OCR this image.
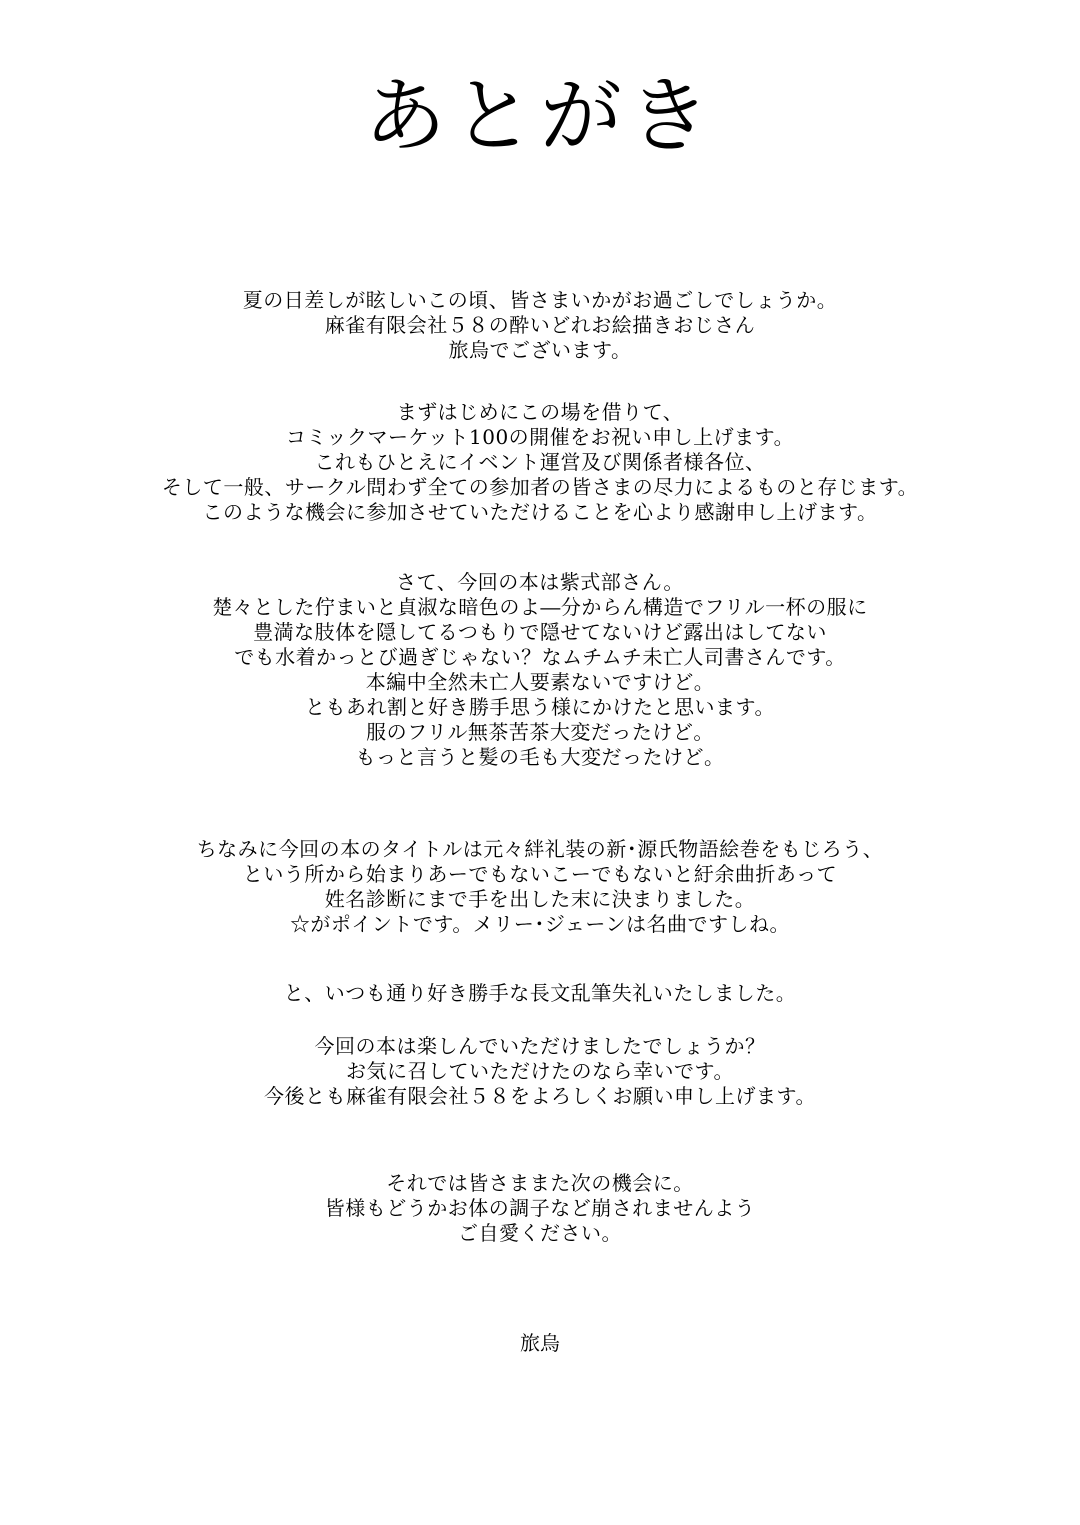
あとがき
夏の日差しが眩しいこの頃、皆さまいかがお過ごしでしょうか。
麻雀有限会社５８の酔いどれお絵描きおじさん
旅烏でございます。
まずはじめにこの場を借りて、
コミックマーケット100の開催をお祝い申し上げます。
これもひとえにイベント運営及び関係者様各位、
そして一般、サークル問わず全ての参加者の皆さまの尽力によるものと存じます。
このような機会に参加させていただけることを心より感謝申し上げます。
さて、今回の本は紫式部さん。
楚々とした佇まいと貞淑な暗色のよ―分からん構造でフリル一杯の服に
豊満な肢体を隠してるつもりで隠せてないけど露出はしてない
でも水着かっとび過ぎじゃない？なムチムチ未亡人司書さんです。
本編中全然未亡人要素ないですけど。
ともあれ割と好き勝手思う様にかけたと思います。
服のフリル無茶苦茶大変だったけど。
もっと言うと髪の毛も大変だったけど。
ちなみに今回の本のタイトルは元々絆礼装の新･源氏物語絵巻をもじろう、
という所から始まりあーでもないこーでもないと紆余曲折あって
姓名診断にまで手を出した末に決まりました。
☆がポイントです。メリー･ジェーンは名曲ですしね。
と、いつも通り好き勝手な長文乱筆失礼いたしました。
今回の本は楽しんでいただけましたでしょうか？
お気に召していただけたのなら幸いです。
今後とも麻雀有限会社５８をよろしくお願い申し上げます。
それでは皆さままた次の機会に。
皆様もどうかお体の調子など崩されませんよう
ご自愛ください。
旅烏
